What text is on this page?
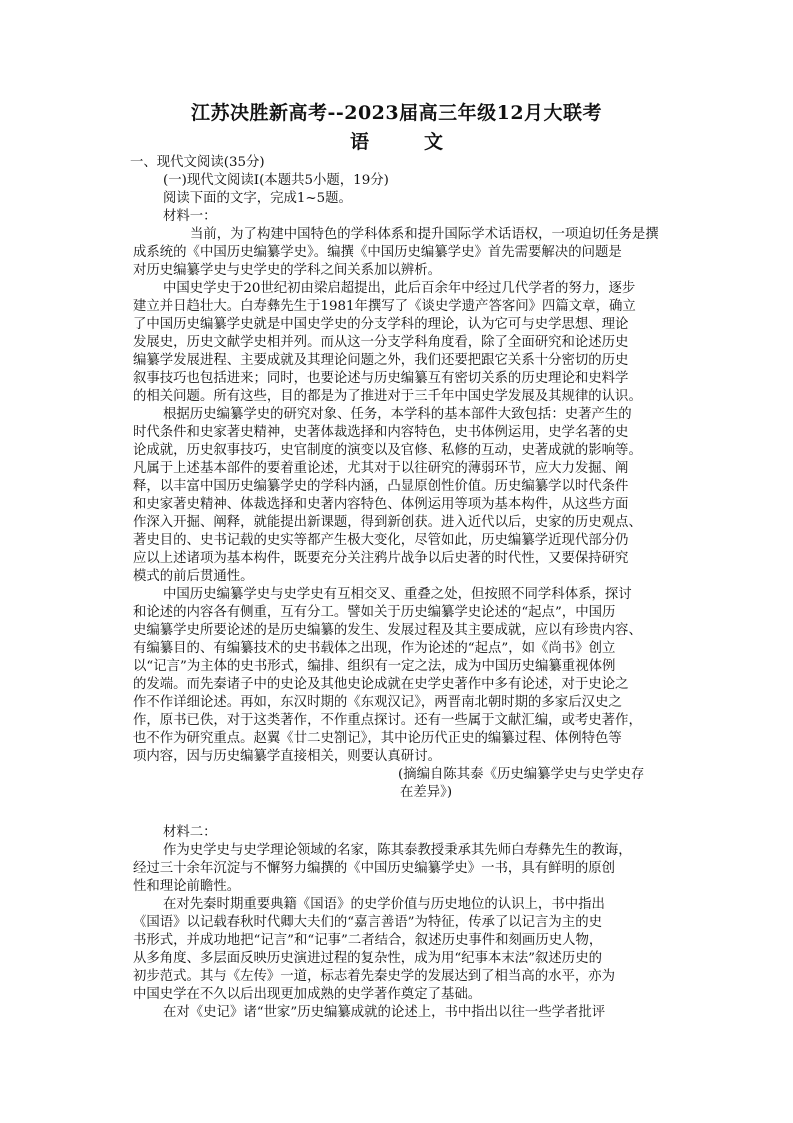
江苏决胜新高考--2023届高三年级12月大联考
语　文
一、现代文阅读(35分)
(一)现代文阅读Ⅰ(本题共5小题，19分)
阅读下面的文字，完成1~5题。
材料一：
当前，为了构建中国特色的学科体系和提升国际学术话语权，一项迫切任务是撰
成系统的《中国历史编纂学史》。编撰《中国历史编纂学史》首先需要解决的问题是
对历史编纂学史与史学史的学科之间关系加以辨析。
中国史学史于20世纪初由梁启超提出，此后百余年中经过几代学者的努力，逐步
建立并日趋壮大。白寿彝先生于1981年撰写了《谈史学遗产答客问》四篇文章，确立
了中国历史编纂学史就是中国史学史的分支学科的理论，认为它可与史学思想、理论
发展史，历史文献学史相并列。而从这一分支学科角度看，除了全面研究和论述历史
编纂学发展进程、主要成就及其理论问题之外，我们还要把跟它关系十分密切的历史
叙事技巧也包括进来；同时，也要论述与历史编纂互有密切关系的历史理论和史料学
的相关问题。所有这些，目的都是为了推进对于三千年中国史学发展及其规律的认识。
根据历史编纂学史的研究对象、任务，本学科的基本部件大致包括：史著产生的
时代条件和史家著史精神，史著体裁选择和内容特色，史书体例运用，史学名著的史
论成就，历史叙事技巧，史官制度的演变以及官修、私修的互动，史著成就的影响等。
凡属于上述基本部件的要着重论述，尤其对于以往研究的薄弱环节，应大力发掘、阐
释，以丰富中国历史编纂学史的学科内涵，凸显原创性价值。历史编纂学以时代条件
和史家著史精神、体裁选择和史著内容特色、体例运用等项为基本构件，从这些方面
作深入开掘、阐释，就能提出新课题，得到新创获。进入近代以后，史家的历史观点、
著史目的、史书记载的史实等都产生极大变化，尽管如此，历史编纂学近现代部分仍
应以上述诸项为基本构件，既要充分关注鸦片战争以后史著的时代性，又要保持研究
模式的前后贯通性。
中国历史编纂学史与史学史有互相交叉、重叠之处，但按照不同学科体系，探讨
和论述的内容各有侧重，互有分工。譬如关于历史编纂学史论述的“起点”，中国历
史编纂学史所要论述的是历史编纂的发生、发展过程及其主要成就，应以有珍贵内容、
有编纂目的、有编纂技术的史书载体之出现，作为论述的“起点”，如《尚书》创立
以“记言”为主体的史书形式，编排、组织有一定之法，成为中国历史编纂重视体例
的发端。而先秦诸子中的史论及其他史论成就在史学史著作中多有论述，对于史论之
作不作详细论述。再如，东汉时期的《东观汉记》，两晋南北朝时期的多家后汉史之
作，原书已佚，对于这类著作，不作重点探讨。还有一些属于文献汇编，或考史著作，
也不作为研究重点。赵翼《廿二史劄记》，其中论历代正史的编纂过程、体例特色等
项内容，因与历史编纂学直接相关，则要认真研讨。
(摘编自陈其泰《历史编纂学史与史学史存
在差异》)
材料二：
作为史学史与史学理论领域的名家，陈其泰教授秉承其先师白寿彝先生的教诲，
经过三十余年沉淀与不懈努力编撰的《中国历史编纂学史》一书，具有鲜明的原创
性和理论前瞻性。
在对先秦时期重要典籍《国语》的史学价值与历史地位的认识上，书中指出
《国语》以记载春秋时代卿大夫们的“嘉言善语”为特征，传承了以记言为主的史
书形式，并成功地把“记言”和“记事”二者结合，叙述历史事件和刻画历史人物，
从多角度、多层面反映历史演进过程的复杂性，成为用“纪事本末法”叙述历史的
初步范式。其与《左传》一道，标志着先秦史学的发展达到了相当高的水平，亦为
中国史学在不久以后出现更加成熟的史学著作奠定了基础。
在对《史记》诸“世家”历史编纂成就的论述上，书中指出以往一些学者批评
